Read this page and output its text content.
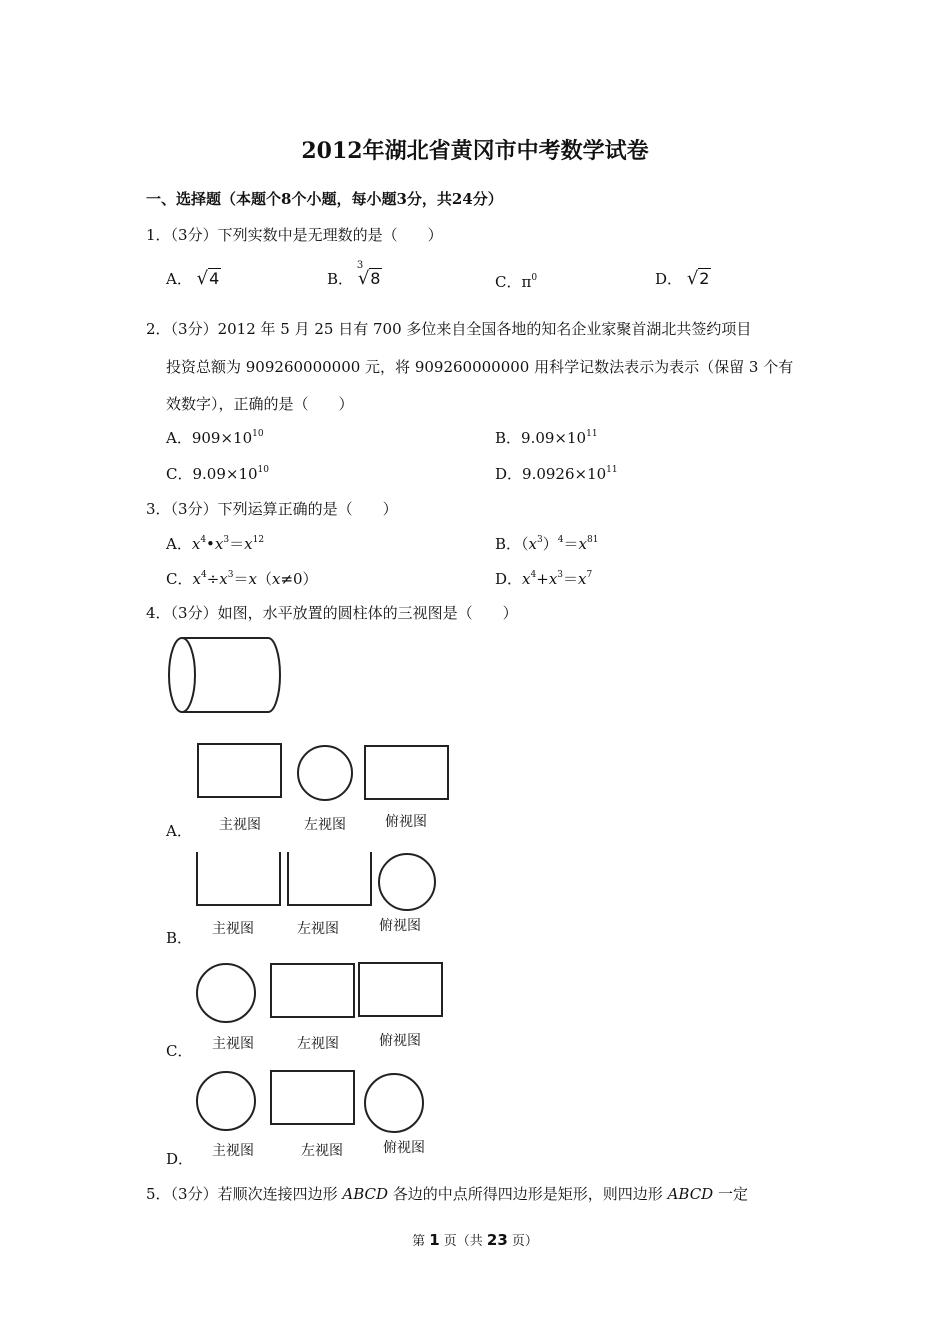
2012年湖北省黄冈市中考数学试卷
一、选择题（本题个8个小题，每小题3分，共24分）
1．（3分）下列实数中是无理数的是（　　）
A． √4	B．
3
√8	C．$\pi^0$	D． √2
2．（3分）2012 年 5 月 25 日有 700 多位来自全国各地的知名企业家聚首湖北共签约项目
投资总额为 909260000000 元，将 909260000000 用科学记数法表示为表示（保留 3 个有
效数字），正确的是（　　）
A．$909\times 10^{10}$	B．$9.09\times 10^{11}$
C．$9.09\times 10^{10}$	D．$9.0926\times 10^{11}$
3．（3分）下列运算正确的是（　　）
A．$x^4•x^3=x^{12}$	B．$(x^3)^4=x^{81}$
C．$x^4\div x^3=x(x\ne 0)$	D．$x^4+x^3=x^7$
4．（3分）如图，水平放置的圆柱体的三视图是（　　）
A．	主视图	左视图	俯视图
B．	主视图	左视图	俯视图
C．	主视图	左视图	俯视图
D．	主视图	左视图	俯视图
5．（3分）若顺次连接四边形 ABCD 各边的中点所得四边形是矩形，则四边形 ABCD 一定
第 1 页（共 23 页）
